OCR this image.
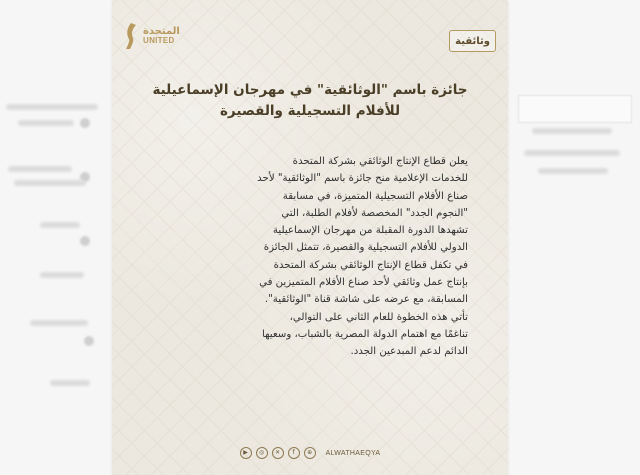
المتحدة
UNITED	وثائقية
جائزة باسم "الوثائقية" في مهرجان الإسماعيلية
للأفلام التسجيلية والقصيرة
يعلن قطاع الإنتاج الوثائقي بشركة المتحدة
للخدمات الإعلامية منح جائزة باسم "الوثائقية" لأحد
صناع الأفلام التسجيلية المتميزة، في مسابقة
"النجوم الجدد" المخصصة لأفلام الطلبة، التي
تشهدها الدورة المقبلة من مهرجان الإسماعيلية
الدولي للأفلام التسجيلية والقصيرة، تتمثل الجائزة
في تكفل قطاع الإنتاج الوثائقي بشركة المتحدة
بإنتاج عمل وثائقي لأحد صناع الأفلام المتميزين في
المسابقة، مع عرضه على شاشة قناة "الوثائقية".
تأتي هذه الخطوة للعام الثاني على التوالي،
تناغمًا مع اهتمام الدولة المصرية بالشباب، وسعيها
الدائم لدعم المبدعين الجدد.
▶	◎	✕	f	⊕	ALWATHAEQYA
